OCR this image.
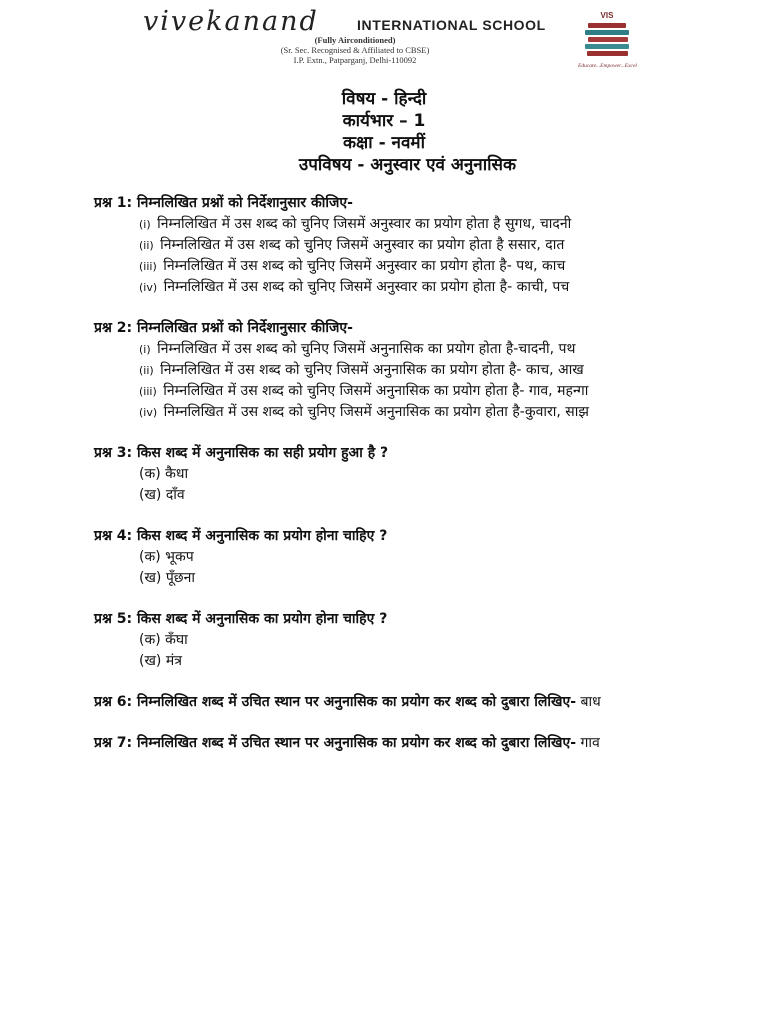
vivekanand	INTERNATIONAL SCHOOL
(Fully Airconditioned)
(Sr. Sec. Recognised & Affiliated to CBSE)
I.P. Extn., Patparganj, Delhi-110092
VIS
Educate...Empower...Excel
विषय - हिन्दी
कार्यभार – 1
कक्षा - नवमीं
उपविषय - अनुस्वार एवं अनुनासिक
प्रश्न 1: निम्नलिखित प्रश्नों को निर्देशानुसार कीजिए-
(i) निम्नलिखित में उस शब्द को चुनिए जिसमें अनुस्वार का प्रयोग होता है सुगध, चादनी
(ii) निम्नलिखित में उस शब्द को चुनिए जिसमें अनुस्वार का प्रयोग होता है ससार, दात
(iii) निम्नलिखित में उस शब्द को चुनिए जिसमें अनुस्वार का प्रयोग होता है- पथ, काच
(iv) निम्नलिखित में उस शब्द को चुनिए जिसमें अनुस्वार का प्रयोग होता है- काची, पच
प्रश्न 2: निम्नलिखित प्रश्नों को निर्देशानुसार कीजिए-
(i) निम्नलिखित में उस शब्द को चुनिए जिसमें अनुनासिक का प्रयोग होता है-चादनी, पथ
(ii) निम्नलिखित में उस शब्द को चुनिए जिसमें अनुनासिक का प्रयोग होता है- काच, आख
(iii) निम्नलिखित में उस शब्द को चुनिए जिसमें अनुनासिक का प्रयोग होता है- गाव, महन्गा
(iv) निम्नलिखित में उस शब्द को चुनिए जिसमें अनुनासिक का प्रयोग होता है-कुवारा, साझ
प्रश्न 3: किस शब्द में अनुनासिक का सही प्रयोग हुआ है ?
(क) कैधा
(ख) दाँव
प्रश्न 4: किस शब्द में अनुनासिक का प्रयोग होना चाहिए ?
(क) भूकप
(ख) पूँछना
प्रश्न 5: किस शब्द में अनुनासिक का प्रयोग होना चाहिए ?
(क) कँघा
(ख) मंत्र
प्रश्न 6: निम्नलिखित शब्द में उचित स्थान पर अनुनासिक का प्रयोग कर शब्द को दुबारा लिखिए- बाध
प्रश्न 7: निम्नलिखित शब्द में उचित स्थान पर अनुनासिक का प्रयोग कर शब्द को दुबारा लिखिए- गाव
